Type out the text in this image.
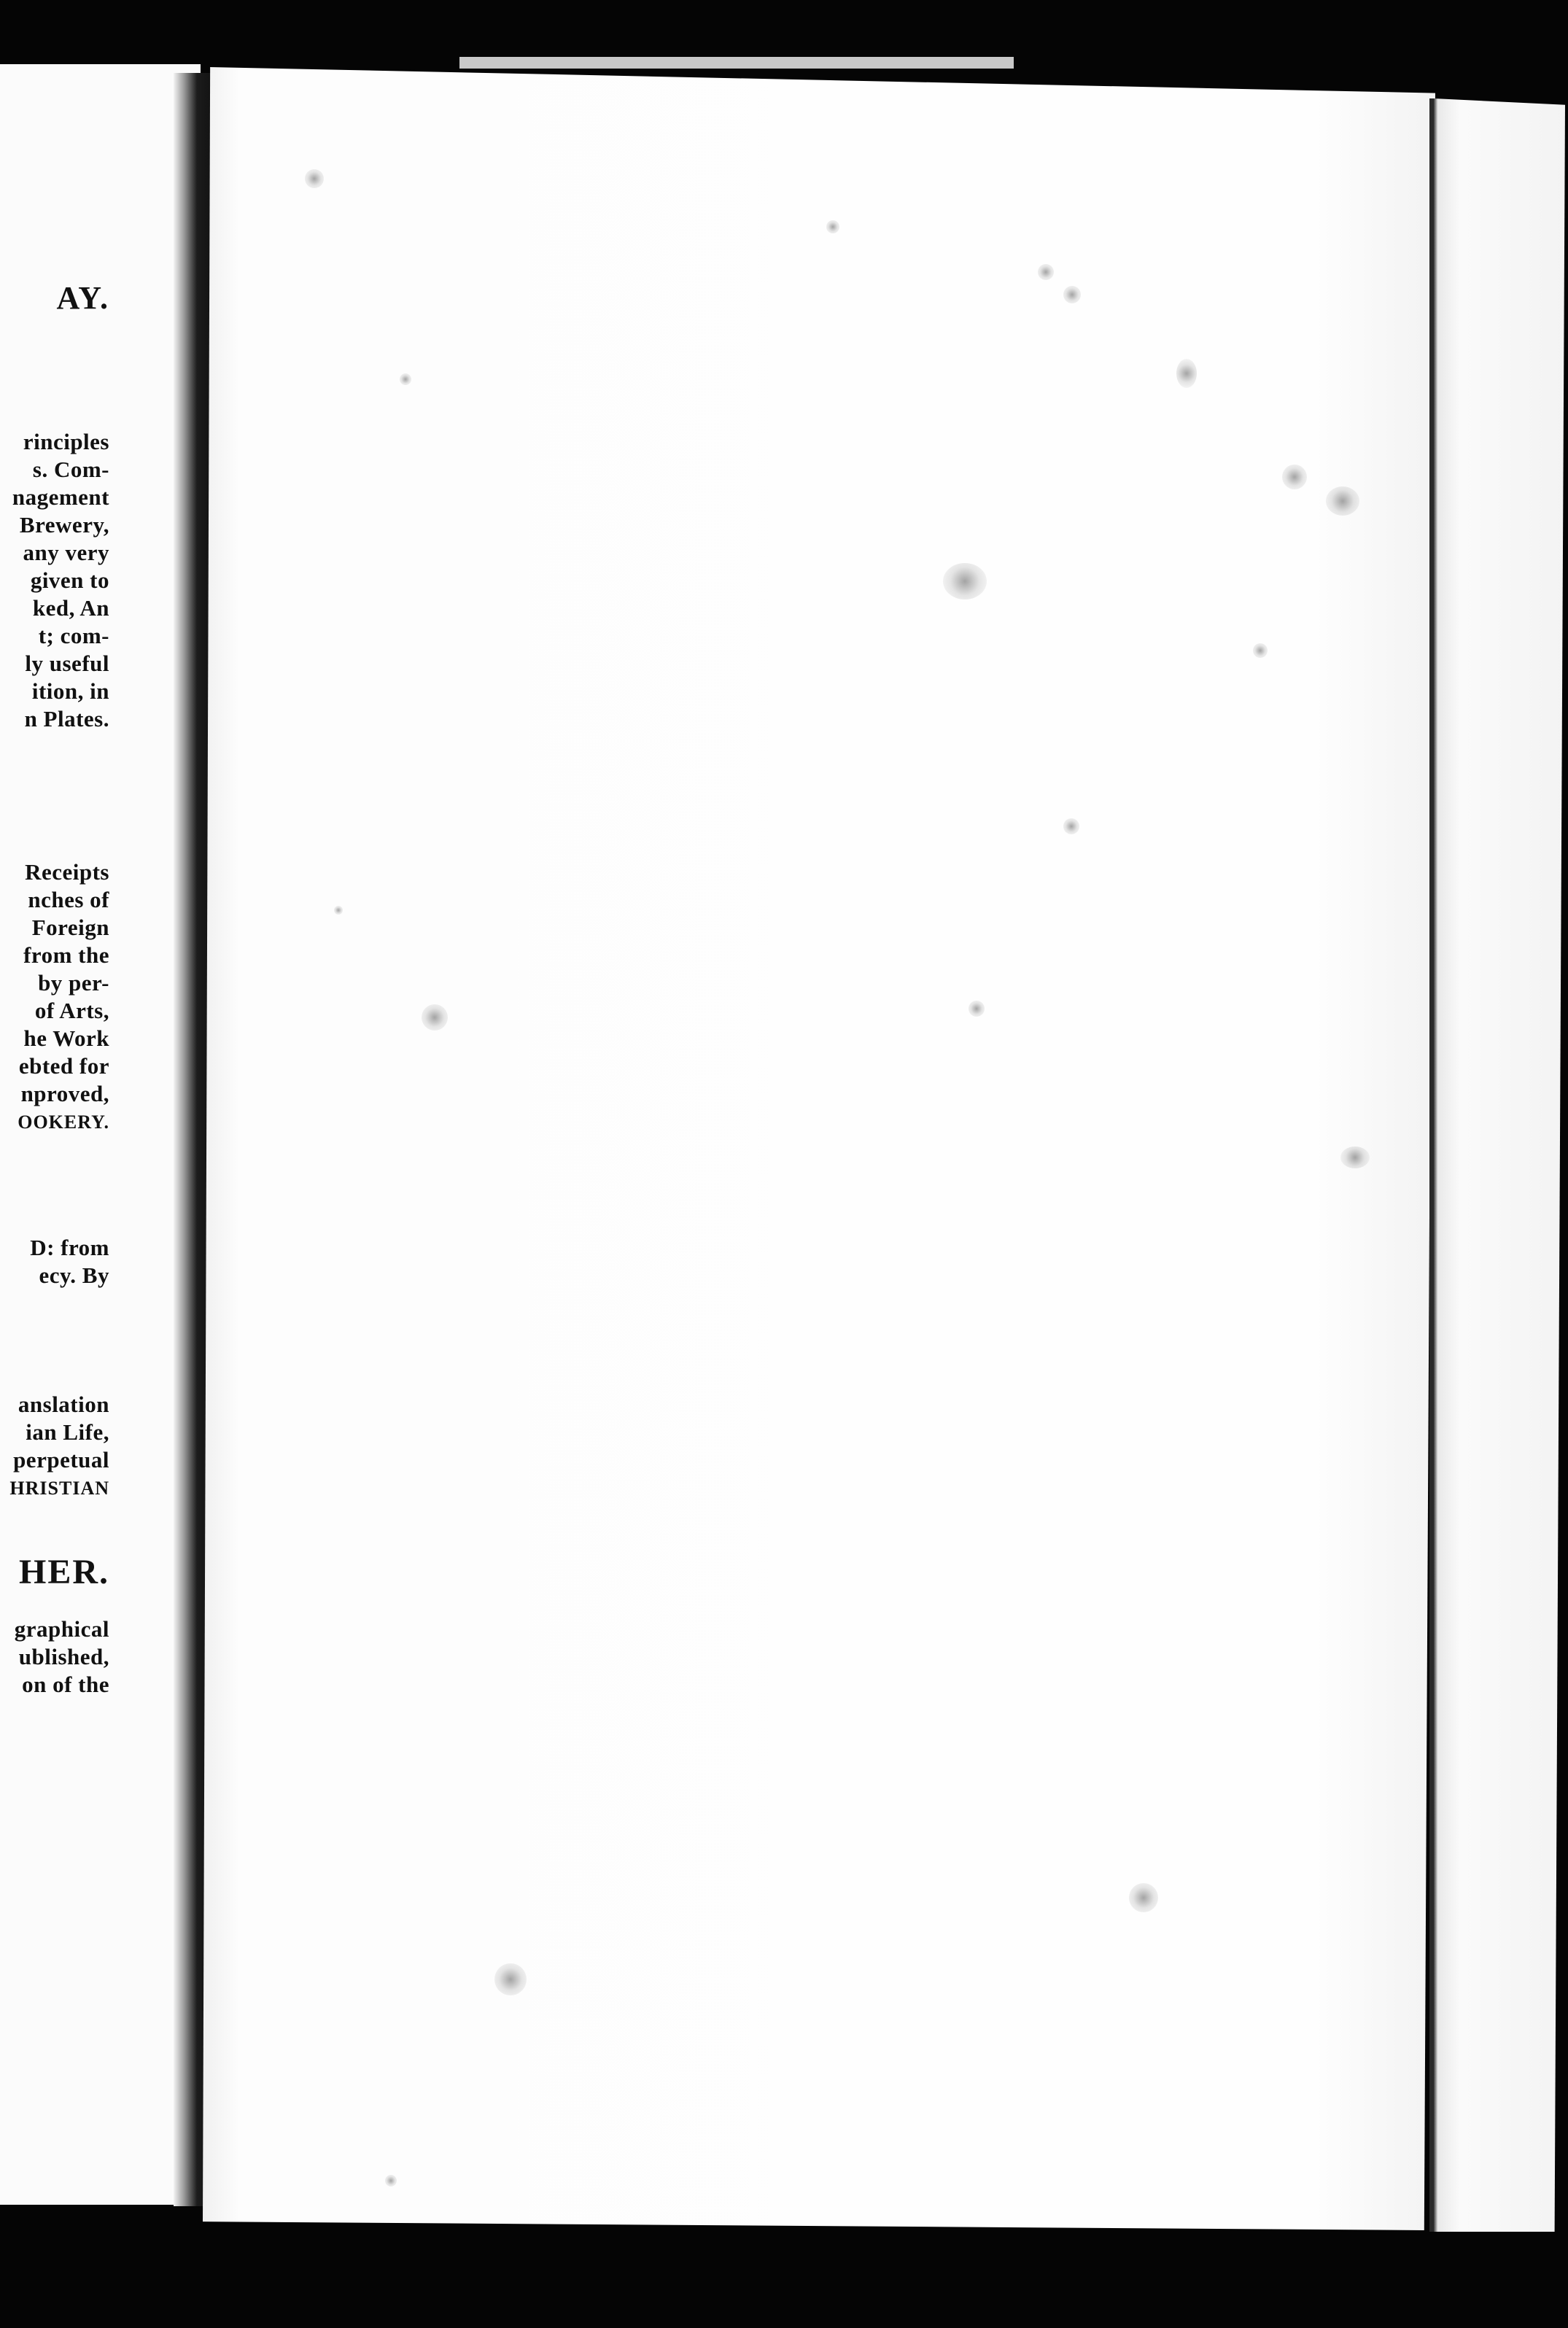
AY.
rinciples
s. Com-
nagement
Brewery,
any very
given to
ked, An
t; com-
ly useful
ition, in
n Plates.
Receipts
nches of
Foreign
from the
by per-
of Arts,
he Work
ebted for
nproved,
OOKERY.
D: from
ecy. By
anslation
ian Life,
perpetual
HRISTIAN
HER.
graphical
ublished,
on of the
